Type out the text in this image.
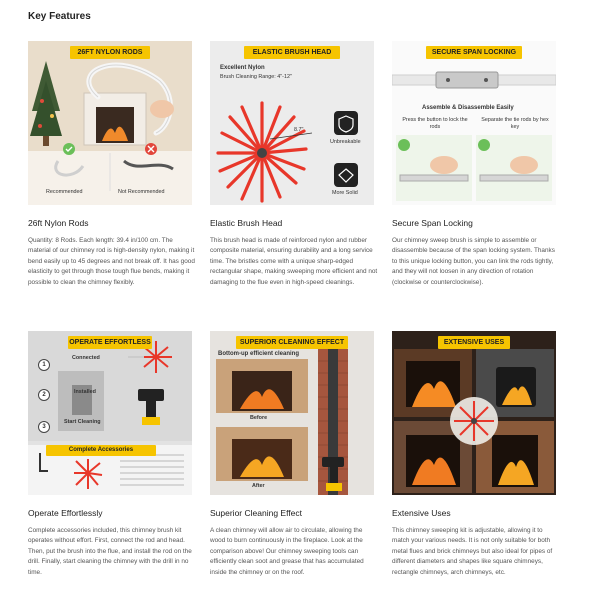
Key Features
26FT NYLON RODS
Recommended	Not Recommended
26ft Nylon Rods
Quantity: 8 Rods. Each length: 39.4 in/100 cm. The material of our chimney rod is high-density nylon, making it bend easily up to 45 degrees and not break off. It has good elasticity to get through those tough flue bends, making it possible to clean the chimney flexibly.
ELASTIC BRUSH HEAD
Excellent Nylon
Brush Cleaning Range: 4"-12"
8.7"
Unbreakable
More Solid
Elastic Brush Head
This brush head is made of reinforced nylon and rubber composite material, ensuring durability and a long service time. The bristles come with a unique sharp-edged rectangular shape, making sweeping more efficient and not damaging to the flue even in high-speed cleanings.
SECURE SPAN LOCKING
Assemble & Disassemble Easily
Press the button to lock the rods
Separate the tie rods by hex key
Secure Span Locking
Our chimney sweep brush is simple to assemble or disassemble because of the span locking system. Thanks to this unique locking button, you can link the rods tightly, and they will not loosen in any direction of rotation (clockwise or counterclockwise).
OPERATE EFFORTLESS
1
Connected
2	Installed
3
Start Cleaning
Complete Accessories
Operate Effortlessly
Complete accessories included, this chimney brush kit operates without effort. First, connect the rod and head. Then, put the brush into the flue, and install the rod on the drill. Finally, start cleaning the chimney with the drill in no time.
SUPERIOR CLEANING EFFECT
Bottom-up efficient cleaning
Before
After
Superior Cleaning Effect
A clean chimney will allow air to circulate, allowing the wood to burn continuously in the fireplace. Look at the comparison above! Our chimney sweeping tools can efficiently clean soot and grease that has accumulated inside the chimney or on the roof.
EXTENSIVE USES
Extensive Uses
This chimney sweeping kit is adjustable, allowing it to match your various needs. It is not only suitable for both metal flues and brick chimneys but also ideal for pipes of different diameters and shapes like square chimneys, rectangle chimneys, arch chimneys, etc.
